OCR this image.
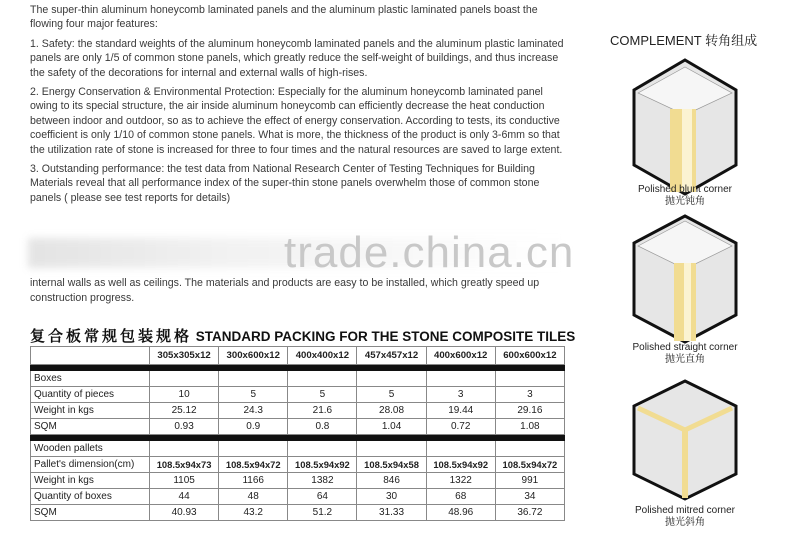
The super-thin aluminum honeycomb laminated panels and the aluminum plastic laminated panels boast the flowing four major features:

1. Safety: the standard weights of the aluminum honeycomb laminated panels and the aluminum plastic laminated panels are only 1/5 of common stone panels, which greatly reduce the self-weight of buildings, and thus increase the safety of the decorations for internal and external walls of high-rises.

2. Energy Conservation & Environmental Protection: Especially for the aluminum honeycomb laminated panel owing to its special structure, the air inside aluminum honeycomb can efficiently decrease the heat conduction between indoor and outdoor, so as to achieve the effect of energy conservation. According to tests, its conductive coefficient is only 1/10 of common stone panels. What is more, the thickness of the product is only 3-6mm so that the utilization rate of stone is increased for three to four times and the natural resources are saved to large extent.

3. Outstanding performance: the test data from National Research Center of Testing Techniques for Building Materials reveal that all performance index of the super-thin stone panels overwhelm those of common stone panels ( please see test reports for details)

trade.china.cn
internal walls as well as ceilings. The materials and products are easy to be installed, which greatly speed up construction progress.
复合板常规包装规格 STANDARD PACKING FOR THE STONE COMPOSITE TILES
	305x305x12	300x600x12	400x400x12	457x457x12	400x600x12	600x600x12

Boxes						
Quantity of pieces	10	5	5	5	3	3
Weight in kgs	25.12	24.3	21.6	28.08	19.44	29.16
SQM	0.93	0.9	0.8	1.04	0.72	1.08

Wooden pallets						
Pallet's dimension(cm)	108.5x94x73	108.5x94x72	108.5x94x92	108.5x94x58	108.5x94x92	108.5x94x72
Weight in kgs	1105	1166	1382	846	1322	991
Quantity of boxes	44	48	64	30	68	34
SQM	40.93	43.2	51.2	31.33	48.96	36.72
COMPLEMENT 转角组成
Polished blunt corner
抛光钝角
Polished straight corner
抛光直角
Polished mitred corner
抛光斜角
